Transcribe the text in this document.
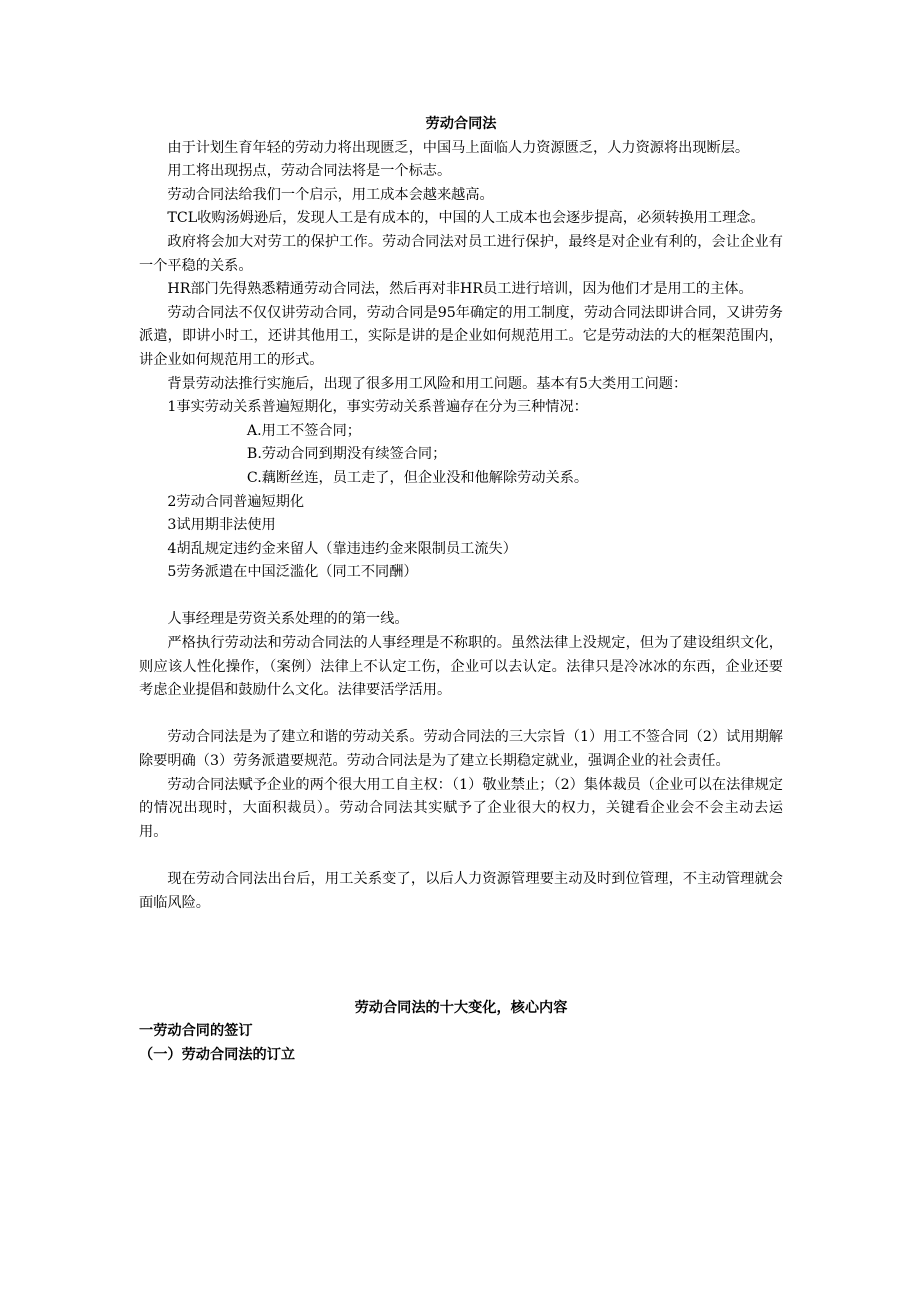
劳动合同法

由于计划生育年轻的劳动力将出现匮乏，中国马上面临人力资源匮乏，人力资源将出现断层。

用工将出现拐点，劳动合同法将是一个标志。

劳动合同法给我们一个启示，用工成本会越来越高。

TCL收购汤姆逊后，发现人工是有成本的，中国的人工成本也会逐步提高，必须转换用工理念。

政府将会加大对劳工的保护工作。劳动合同法对员工进行保护，最终是对企业有利的，会让企业有一个平稳的关系。

HR部门先得熟悉精通劳动合同法，然后再对非HR员工进行培训，因为他们才是用工的主体。

劳动合同法不仅仅讲劳动合同，劳动合同是95年确定的用工制度，劳动合同法即讲合同，又讲劳务派遣，即讲小时工，还讲其他用工，实际是讲的是企业如何规范用工。它是劳动法的大的框架范围内，讲企业如何规范用工的形式。

背景劳动法推行实施后，出现了很多用工风险和用工问题。基本有5大类用工问题：

1事实劳动关系普遍短期化，事实劳动关系普遍存在分为三种情况：

A.用工不签合同；

B.劳动合同到期没有续签合同；

C.藕断丝连，员工走了，但企业没和他解除劳动关系。

2劳动合同普遍短期化

3试用期非法使用

4胡乱规定违约金来留人（靠违违约金来限制员工流失）

5劳务派遣在中国泛滥化（同工不同酬）

人事经理是劳资关系处理的的第一线。

严格执行劳动法和劳动合同法的人事经理是不称职的。虽然法律上没规定，但为了建设组织文化，则应该人性化操作，（案例）法律上不认定工伤，企业可以去认定。法律只是冷冰冰的东西，企业还要考虑企业提倡和鼓励什么文化。法律要活学活用。

劳动合同法是为了建立和谐的劳动关系。劳动合同法的三大宗旨（1）用工不签合同（2）试用期解除要明确（3）劳务派遣要规范。劳动合同法是为了建立长期稳定就业，强调企业的社会责任。

劳动合同法赋予企业的两个很大用工自主权：（1）敬业禁止；（2）集体裁员（企业可以在法律规定的情况出现时，大面积裁员）。劳动合同法其实赋予了企业很大的权力，关键看企业会不会主动去运用。

现在劳动合同法出台后，用工关系变了，以后人力资源管理要主动及时到位管理，不主动管理就会面临风险。

劳动合同法的十大变化，核心内容

一劳动合同的签订

（一）劳动合同法的订立
